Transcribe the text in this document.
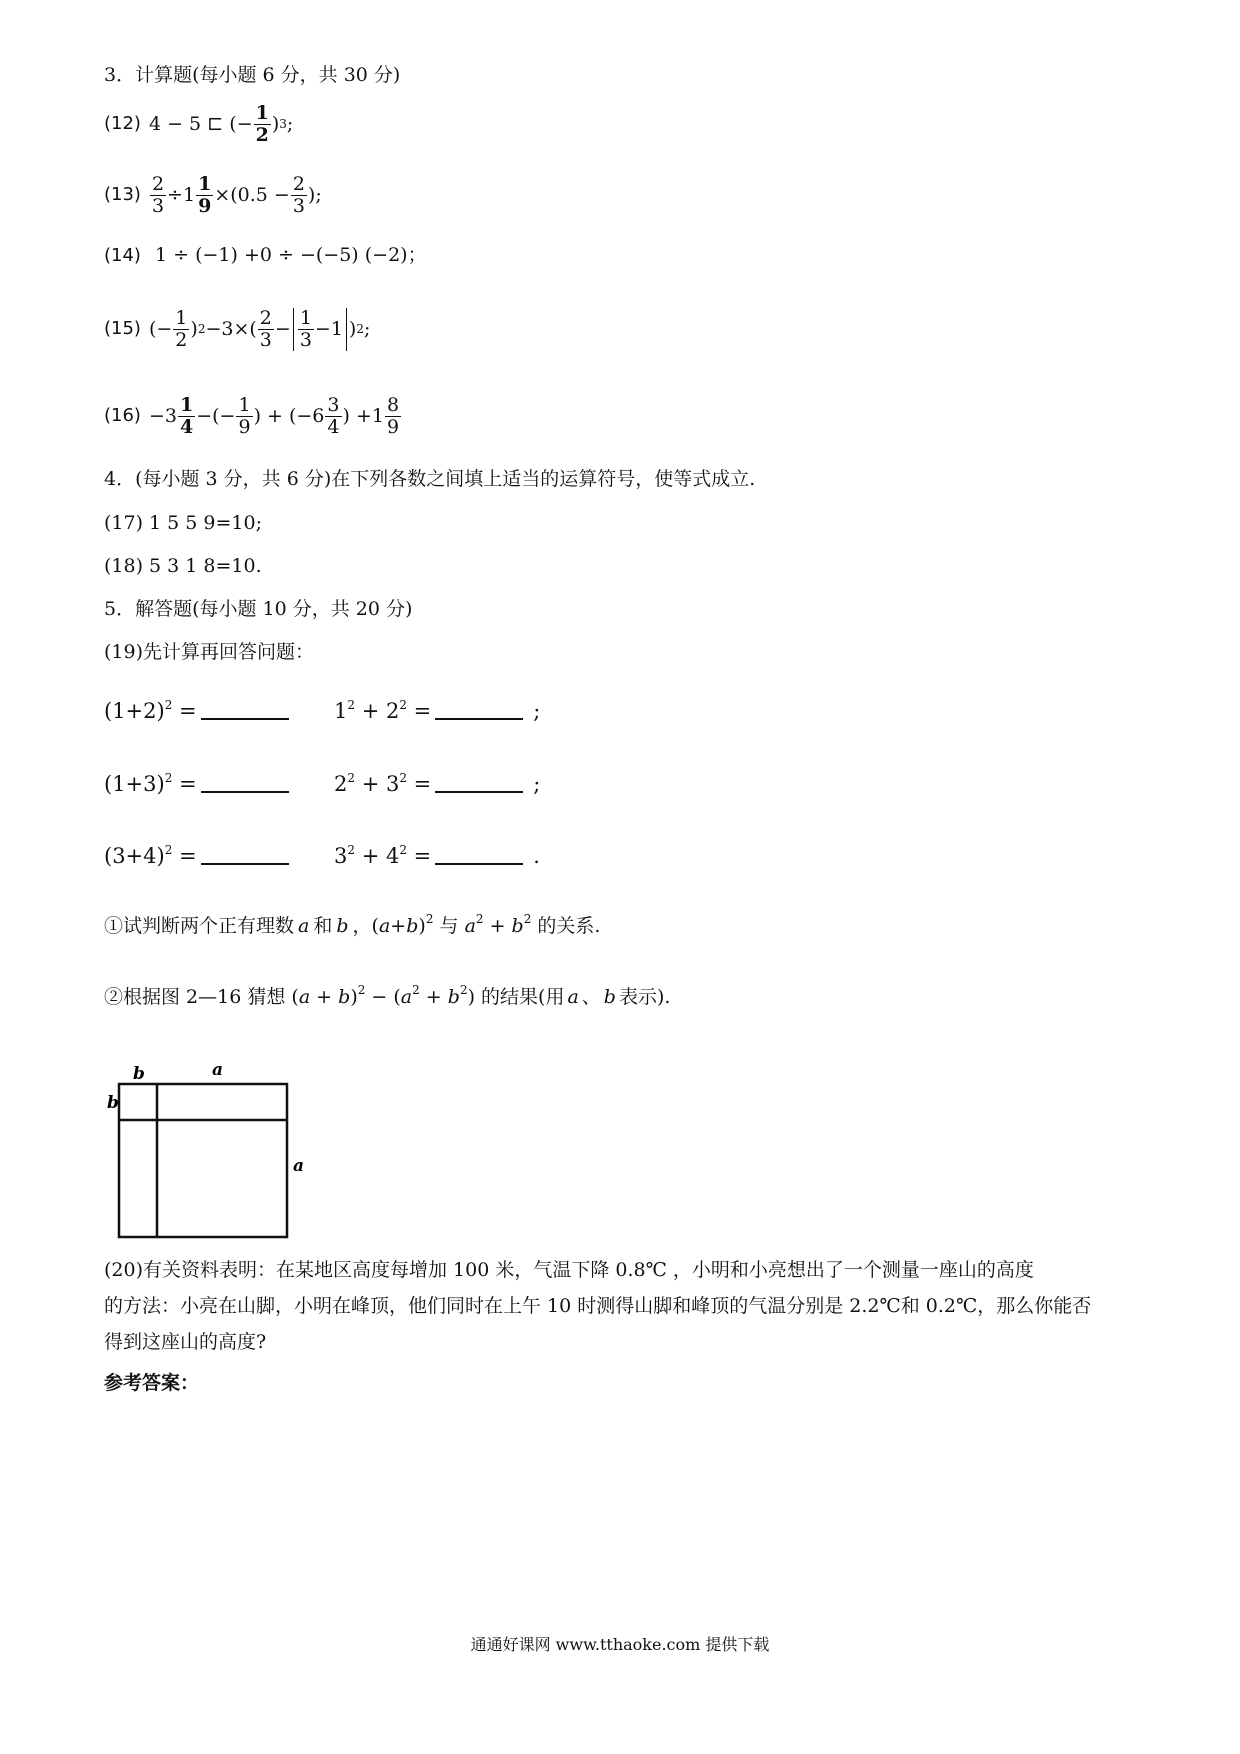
3．计算题(每小题 6 分，共 30 分)
(12) 4 − 5 ⊏ (− $\frac{1}{2}$ ) 3 ;
$(13) \frac{2}{3} \div 1 \frac{1}{9} \times(0.5 - \frac{2}{3}$ );
(14) 1 ÷ (−1) +0 ÷ −(−5) (−2)；
(15) (− $\frac{1}{2}$ ) $2 -3\times( \frac{2}{3} - \frac{1}{3} -1$ ) 2 ;
$(16) -3 \frac{1}{4}$ −(− $\frac{1}{9}$ ) + ($-6 \frac{3}{4}$ ) $+1 \frac{8}{9}$
4．(每小题 3 分，共 6 分)在下列各数之间填上适当的运算符号，使等式成立.
(17) 1 5 5 9=10;
(18) 5 3 1 8=10.
5．解答题(每小题 10 分，共 20 分)
(19)先计算再回答问题：
$(1+2)^2$ =	$1^2 + 2^2$ =	;
$(1+3)^2$ =	$2^2 + 3^2$ =	;
$(3+4)^2$ =	$3^2 + 4^2$ =	.
①试判断两个正有理数 a 和 b ，$(a+b)^2$ 与 $a^2 + b^2$ 的关系.
②根据图 2—16 猜想 $(a + b)^2 - (a^2 + b^2)$ 的结果(用 a 、 b 表示).
b	a
b
a
(20)有关资料表明：在某地区高度每增加 100 米，气温下降 0.8℃ ，小明和小亮想出了一个测量一座山的高度
的方法：小亮在山脚，小明在峰顶，他们同时在上午 10 时测得山脚和峰顶的气温分别是 2.2℃和 0.2℃，那么你能否
得到这座山的高度?
参考答案：
通通好课网 www.tthaoke.com 提供下载
